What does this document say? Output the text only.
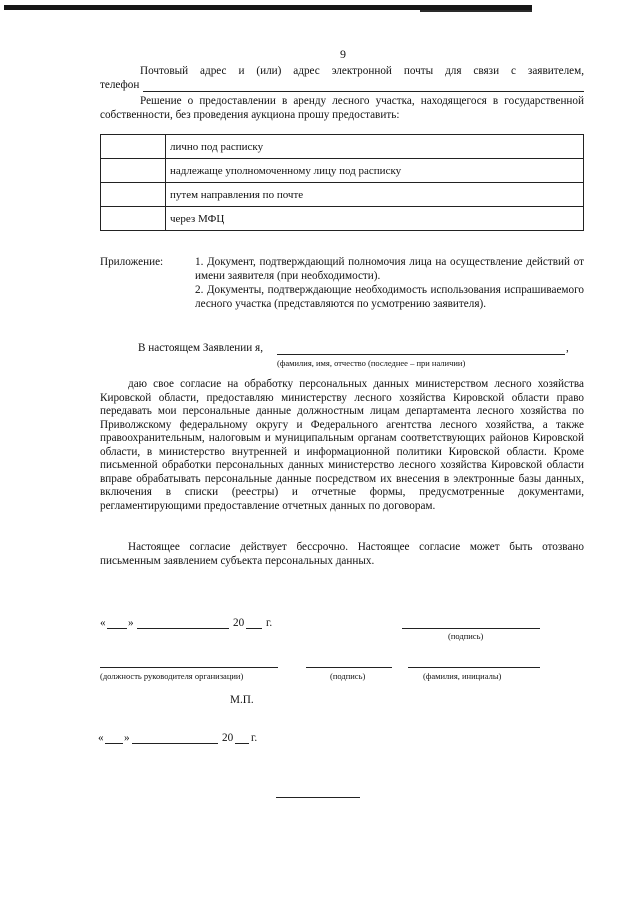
9
Почтовый адрес и (или) адрес электронной почты для связи с заявителем,
телефон
Решение о предоставлении в аренду лесного участка, находящегося в государственной собственности, без проведения аукциона прошу предоставить:
	лично под расписку
	надлежаще уполномоченному лицу под расписку
	путем направления по почте
	через МФЦ
Приложение:	1. Документ, подтверждающий полномочия лица на осуществление действий от имени заявителя (при необходимости).
2. Документы, подтверждающие необходимость использования испрашиваемого лесного участка (представляются по усмотрению заявителя).
В настоящем Заявлении я,	,
(фамилия, имя, отчество (последнее – при наличии)
даю свое согласие на обработку персональных данных министерством лесного хозяйства Кировской области, предоставляю министерству лесного хозяйства Кировской области право передавать мои персональные данные должностным лицам департамента лесного хозяйства по Приволжскому федеральному округу и Федерального агентства лесного хозяйства, а также правоохранительным, налоговым и муниципальным органам соответствующих районов Кировской области, в министерство внутренней и информационной политики Кировской области. Кроме письменной обработки персональных данных министерство лесного хозяйства Кировской области вправе обрабатывать персональные данные посредством их внесения в электронные базы данных, включения в списки (реестры) и отчетные формы, предусмотренные документами, регламентирующими предоставление отчетных данных по договорам.
Настоящее согласие действует бессрочно. Настоящее согласие может быть отозвано письменным заявлением субъекта персональных данных.
« »	20 г.
(подпись)
(должность руководителя организации)	(подпись)	(фамилия, инициалы)
М.П.
« »	20 г.
